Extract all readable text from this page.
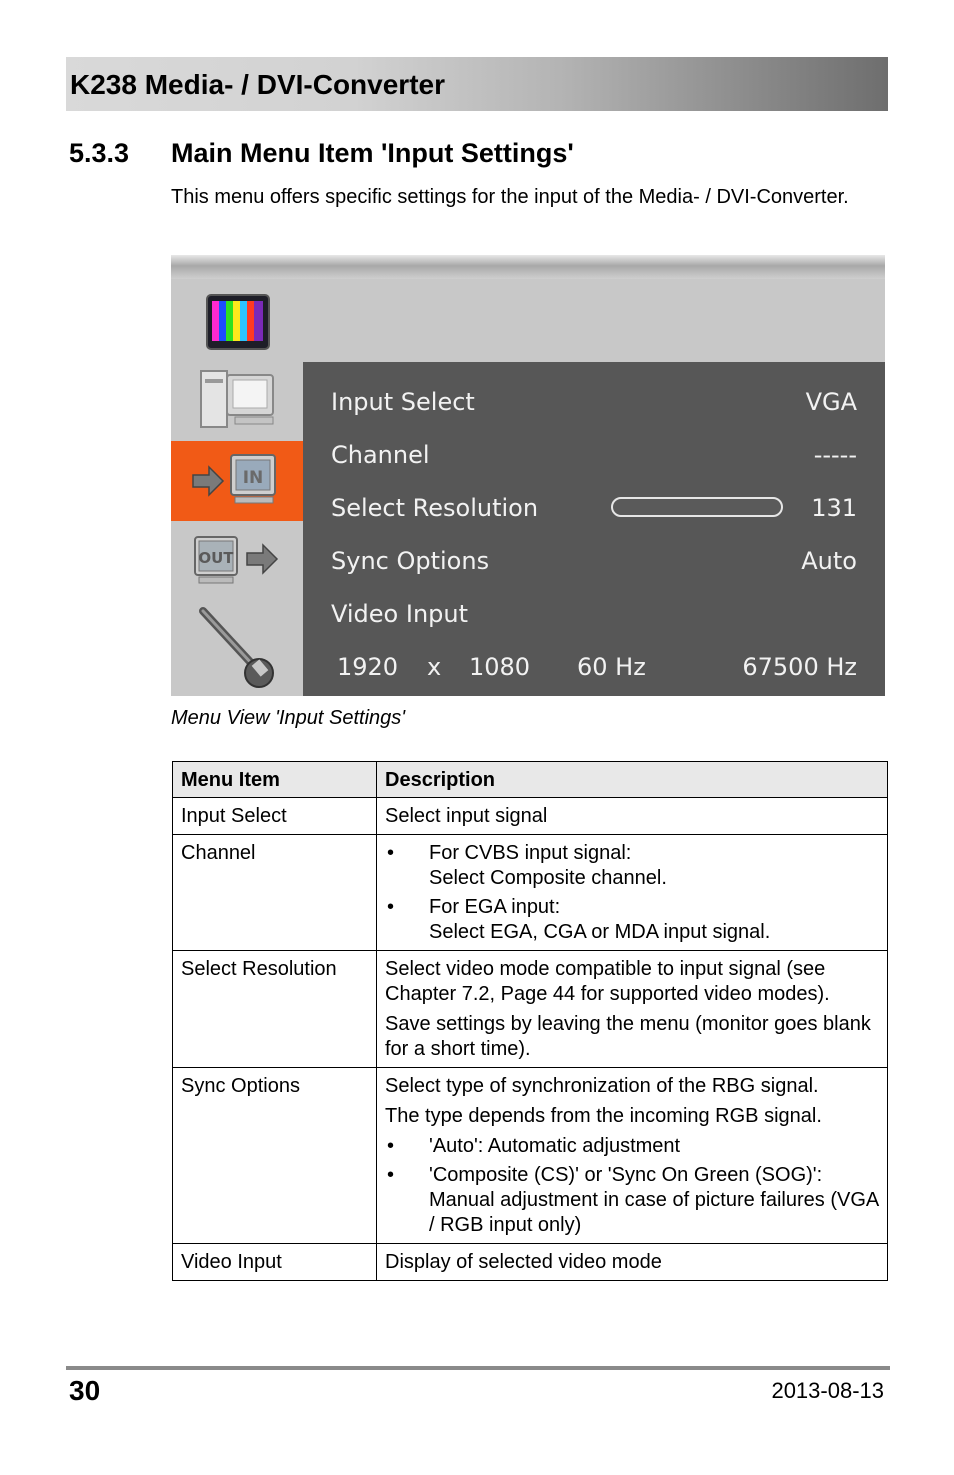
K238 Media- / DVI-Converter
5.3.3 Main Menu Item 'Input Settings'
This menu offers specific settings for the input of the Media- / DVI-Converter.
IN
OUT
Input Select	VGA
Channel	-----
Select Resolution	131
Sync Options	Auto
Video Input
1920 x 1080 60 Hz	67500 Hz
Menu View 'Input Settings'
Menu Item	Description
Input Select	Select input signal

Channel	• For CVBS input signal:
Select Composite channel.
• For EGA input:
Select EGA, CGA or MDA input signal.

Select Resolution	Select video mode compatible to input signal (see Chapter 7.2, Page 44 for supported video modes).
Save settings by leaving the menu (monitor goes blank for a short time).

Sync Options	Select type of synchronization of the RBG signal.
The type depends from the incoming RGB signal.
• 'Auto': Automatic adjustment
• 'Composite (CS)' or 'Sync On Green (SOG)':
Manual adjustment in case of picture failures (VGA / RGB input only)

Video Input	Display of selected video mode
30	2013-08-13
